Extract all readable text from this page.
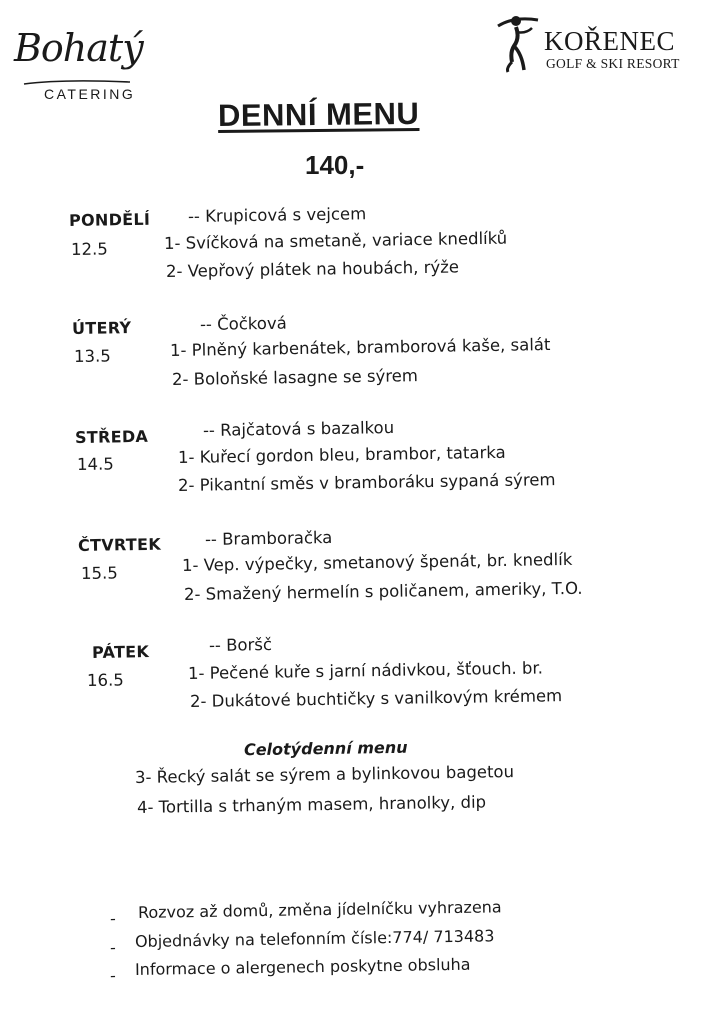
Bohatý
CATERING
KOŘENEC
GOLF & SKI RESORT
DENNÍ MENU
140,-
PONDĚLÍ
12.5
-- Krupicová s vejcem
1- Svíčková na smetaně, variace knedlíků
2- Vepřový plátek na houbách, rýže
ÚTERÝ
13.5
-- Čočková
1- Plněný karbenátek, bramborová kaše, salát
2- Boloňské lasagne se sýrem
STŘEDA
14.5
-- Rajčatová s bazalkou
1- Kuřecí gordon bleu, brambor, tatarka
2- Pikantní směs v bramboráku sypaná sýrem
ČTVRTEK
15.5
-- Bramboračka
1- Vep. výpečky, smetanový špenát, br. knedlík
2- Smažený hermelín s poličanem, ameriky, T.O.
PÁTEK
16.5
-- Boršč
1- Pečené kuře s jarní nádivkou, šťouch. br.
2- Dukátové buchtičky s vanilkovým krémem
Celotýdenní menu
3- Řecký salát se sýrem a bylinkovou bagetou
4- Tortilla s trhaným masem, hranolky, dip
- Rozvoz až domů, změna jídelníčku vyhrazena
- Objednávky na telefonním čísle:774/ 713483
- Informace o alergenech poskytne obsluha
